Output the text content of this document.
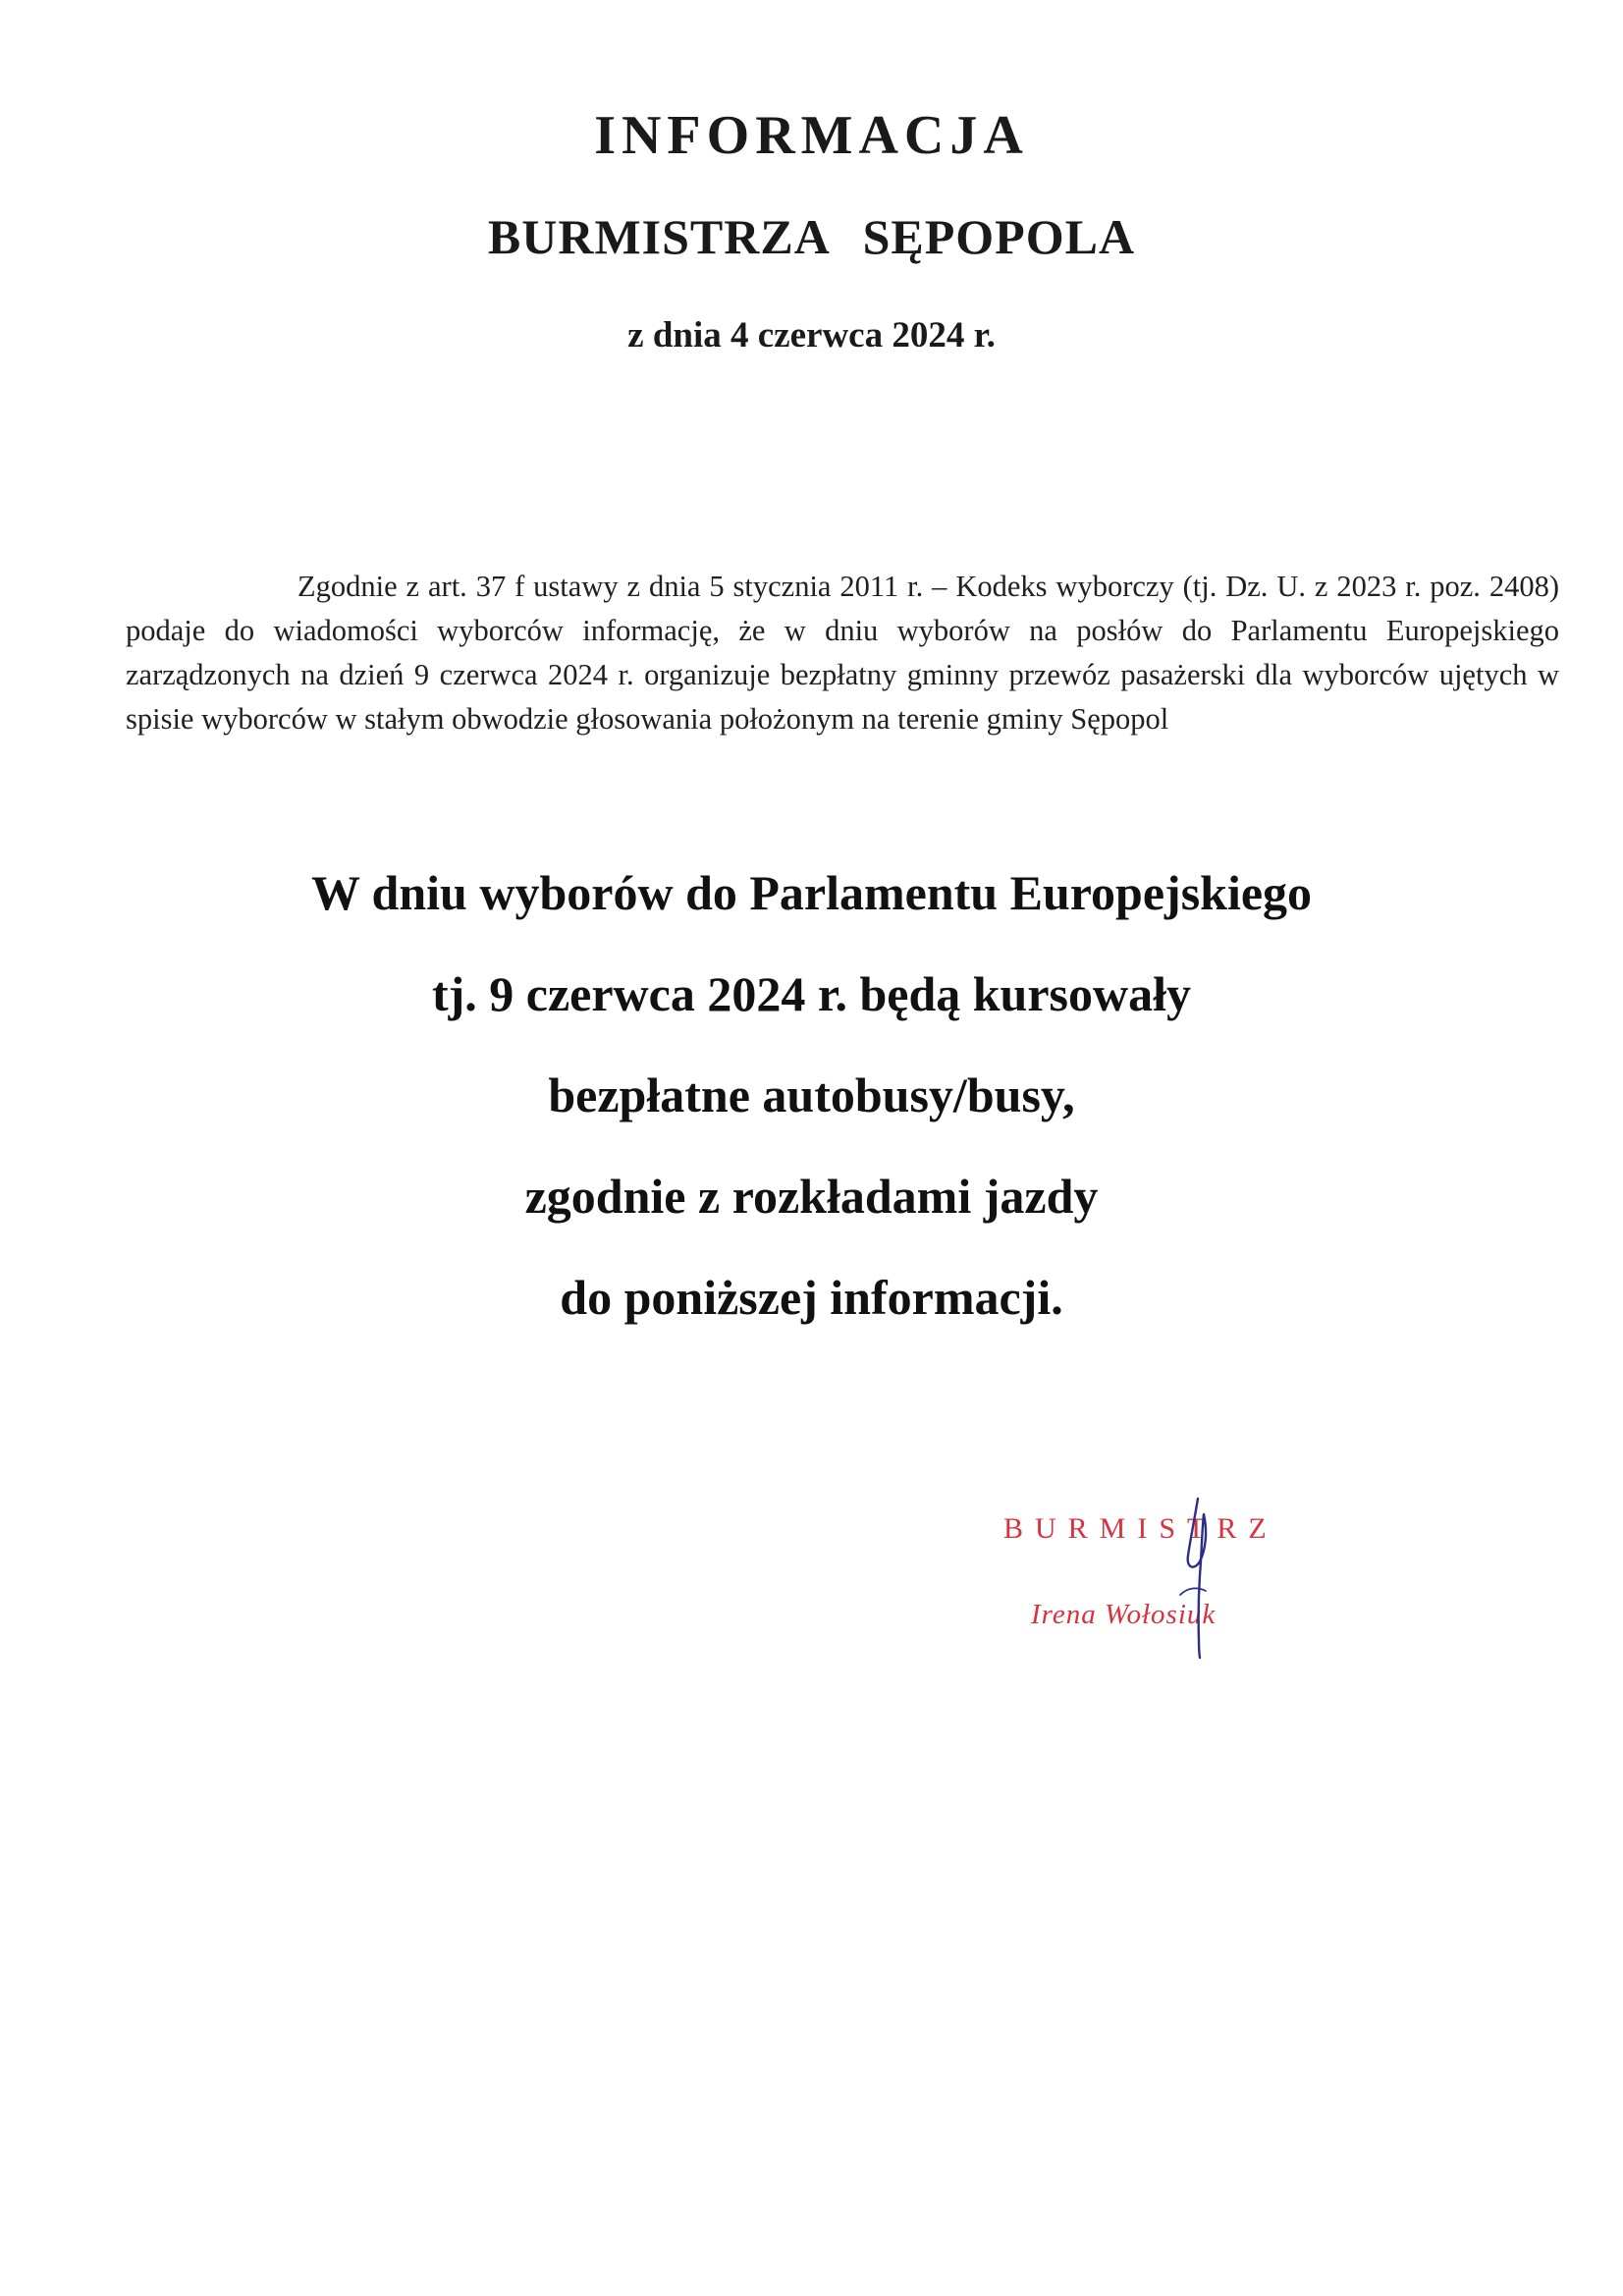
INFORMACJA
BURMISTRZA SĘPOPOLA
z dnia 4 czerwca 2024 r.

Zgodnie z art. 37 f ustawy z dnia 5 stycznia 2011 r. – Kodeks wyborczy (tj. Dz. U. z 2023 r. poz. 2408) podaje do wiadomości wyborców informację, że w dniu wyborów na posłów do Parlamentu Europejskiego zarządzonych na dzień 9 czerwca 2024 r. organizuje bezpłatny gminny przewóz pasażerski dla wyborców ujętych w spisie wyborców w stałym obwodzie głosowania położonym na terenie gminy Sępopol

W dniu wyborów do Parlamentu Europejskiego
tj. 9 czerwca 2024 r. będą kursowały
bezpłatne autobusy/busy,
zgodnie z rozkładami jazdy
do poniższej informacji.
BURMISTRZ
Irena Wołosiuk
